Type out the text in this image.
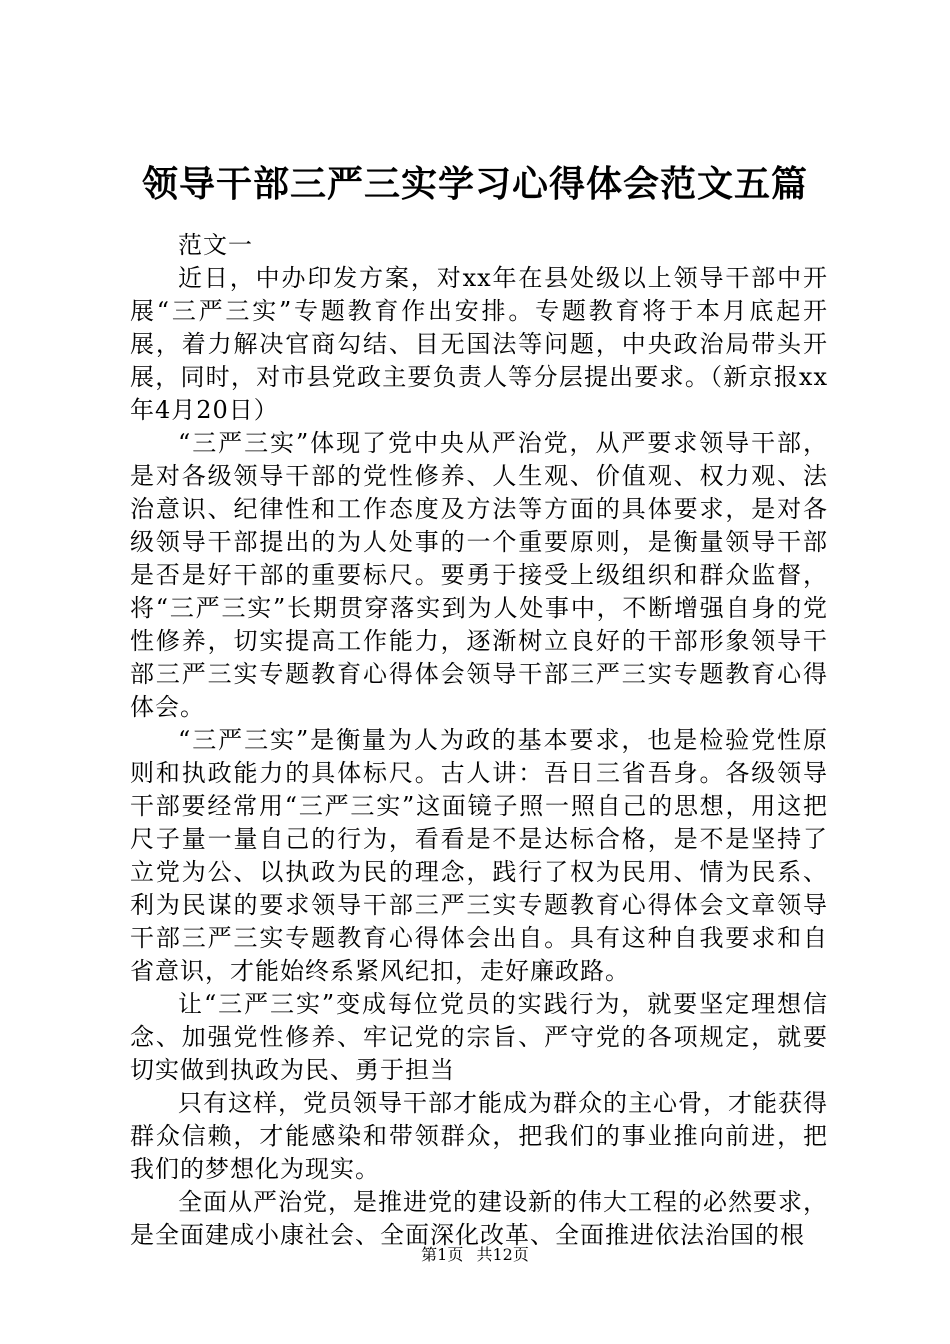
领导干部三严三实学习心得体会范文五篇

范文一

近日，中办印发方案，对xx年在县处级以上领导干部中开展“三严三实”专题教育作出安排。专题教育将于本月底起开展，着力解决官商勾结、目无国法等问题，中央政治局带头开展，同时，对市县党政主要负责人等分层提出要求。（新京报xx年4月20日）

“三严三实”体现了党中央从严治党，从严要求领导干部，是对各级领导干部的党性修养、人生观、价值观、权力观、法治意识、纪律性和工作态度及方法等方面的具体要求，是对各级领导干部提出的为人处事的一个重要原则，是衡量领导干部是否是好干部的重要标尺。要勇于接受上级组织和群众监督，将“三严三实”长期贯穿落实到为人处事中，不断增强自身的党性修养，切实提高工作能力，逐渐树立良好的干部形象领导干部三严三实专题教育心得体会领导干部三严三实专题教育心得体会。

“三严三实”是衡量为人为政的基本要求，也是检验党性原则和执政能力的具体标尺。古人讲：吾日三省吾身。各级领导干部要经常用“三严三实”这面镜子照一照自己的思想，用这把尺子量一量自己的行为，看看是不是达标合格，是不是坚持了立党为公、以执政为民的理念，践行了权为民用、情为民系、利为民谋的要求领导干部三严三实专题教育心得体会文章领导干部三严三实专题教育心得体会出自。具有这种自我要求和自省意识，才能始终系紧风纪扣，走好廉政路。

让“三严三实”变成每位党员的实践行为，就要坚定理想信念、加强党性修养、牢记党的宗旨、严守党的各项规定，就要切实做到执政为民、勇于担当

只有这样，党员领导干部才能成为群众的主心骨，才能获得群众信赖，才能感染和带领群众，把我们的事业推向前进，把我们的梦想化为现实。

全面从严治党，是推进党的建设新的伟大工程的必然要求，是全面建成小康社会、全面深化改革、全面推进依法治国的根

第1页 共12页
